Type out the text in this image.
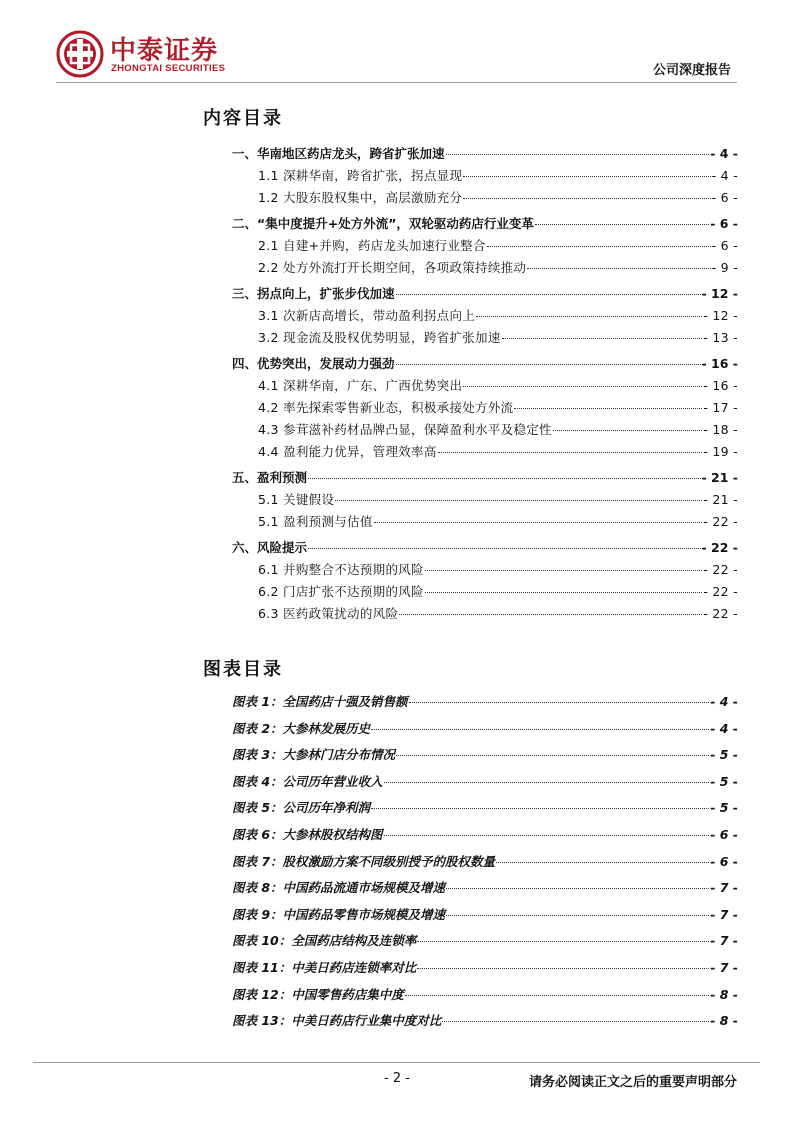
中泰证券
ZHONGTAI SECURITIES	公司深度报告
内容目录
一、华南地区药店龙头，跨省扩张加速	- 4 -
1.1 深耕华南，跨省扩张，拐点显现	- 4 -
1.2 大股东股权集中，高层激励充分	- 6 -
二、“集中度提升+处方外流”，双轮驱动药店行业变革	- 6 -
2.1 自建+并购，药店龙头加速行业整合	- 6 -
2.2 处方外流打开长期空间，各项政策持续推动	- 9 -
三、拐点向上，扩张步伐加速	- 12 -
3.1 次新店高增长，带动盈利拐点向上	- 12 -
3.2 现金流及股权优势明显，跨省扩张加速	- 13 -
四、优势突出，发展动力强劲	- 16 -
4.1 深耕华南，广东、广西优势突出	- 16 -
4.2 率先探索零售新业态，积极承接处方外流	- 17 -
4.3 参茸滋补药材品牌凸显，保障盈利水平及稳定性	- 18 -
4.4 盈利能力优异，管理效率高	- 19 -
五、盈利预测	- 21 -
5.1 关键假设	- 21 -
5.1 盈利预测与估值	- 22 -
六、风险提示	- 22 -
6.1 并购整合不达预期的风险	- 22 -
6.2 门店扩张不达预期的风险	- 22 -
6.3 医药政策扰动的风险	- 22 -
图表目录
图表 1：全国药店十强及销售额	- 4 -
图表 2：大参林发展历史	- 4 -
图表 3：大参林门店分布情况	- 5 -
图表 4：公司历年营业收入	- 5 -
图表 5：公司历年净利润	- 5 -
图表 6：大参林股权结构图	- 6 -
图表 7：股权激励方案不同级别授予的股权数量	- 6 -
图表 8：中国药品流通市场规模及增速	- 7 -
图表 9：中国药品零售市场规模及增速	- 7 -
图表 10：全国药店结构及连锁率	- 7 -
图表 11：中美日药店连锁率对比	- 7 -
图表 12：中国零售药店集中度	- 8 -
图表 13：中美日药店行业集中度对比	- 8 -
- 2 -	请务必阅读正文之后的重要声明部分
